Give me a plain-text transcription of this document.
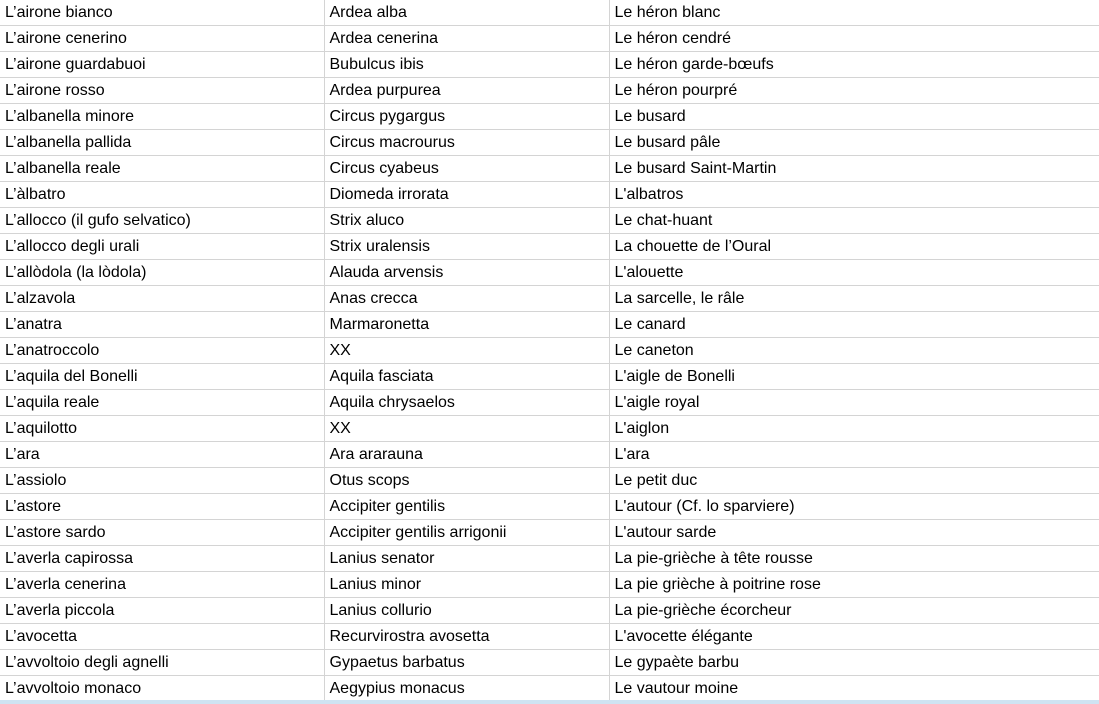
L’airone bianco	Ardea alba	Le héron blanc
L’airone cenerino	Ardea cenerina	Le héron cendré
L’airone guardabuoi	Bubulcus ibis	Le héron garde-bœufs
L’airone rosso	Ardea purpurea	Le héron pourpré
L’albanella minore	Circus pygargus	Le busard
L’albanella pallida	Circus macrourus	Le busard pâle
L’albanella reale	Circus cyabeus	Le busard Saint-Martin
L’àlbatro	Diomeda irrorata	L'albatros
L’allocco (il gufo selvatico)	Strix aluco	Le chat-huant
L’allocco degli urali	Strix uralensis	La chouette de l’Oural
L’allòdola (la lòdola)	Alauda arvensis	L'alouette
L’alzavola	Anas crecca	La sarcelle, le râle
L’anatra	Marmaronetta	Le canard
L’anatroccolo	XX	Le caneton
L’aquila del Bonelli	Aquila fasciata	L'aigle de Bonelli
L’aquila reale	Aquila chrysaelos	L'aigle royal
L’aquilotto	XX	L'aiglon
L’ara	Ara ararauna	L'ara
L’assiolo	Otus scops	Le petit duc
L’astore	Accipiter gentilis	L'autour (Cf. lo sparviere)
L’astore sardo	Accipiter gentilis arrigonii	L'autour sarde
L’averla capirossa	Lanius senator	La pie-grièche à tête rousse
L’averla cenerina	Lanius minor	La pie grièche à poitrine rose
L’averla piccola	Lanius collurio	La pie-grièche écorcheur
L’avocetta	Recurvirostra avosetta	L'avocette élégante
L’avvoltoio degli agnelli	Gypaetus barbatus	Le gypaète barbu
L’avvoltoio monaco	Aegypius monacus	Le vautour moine
